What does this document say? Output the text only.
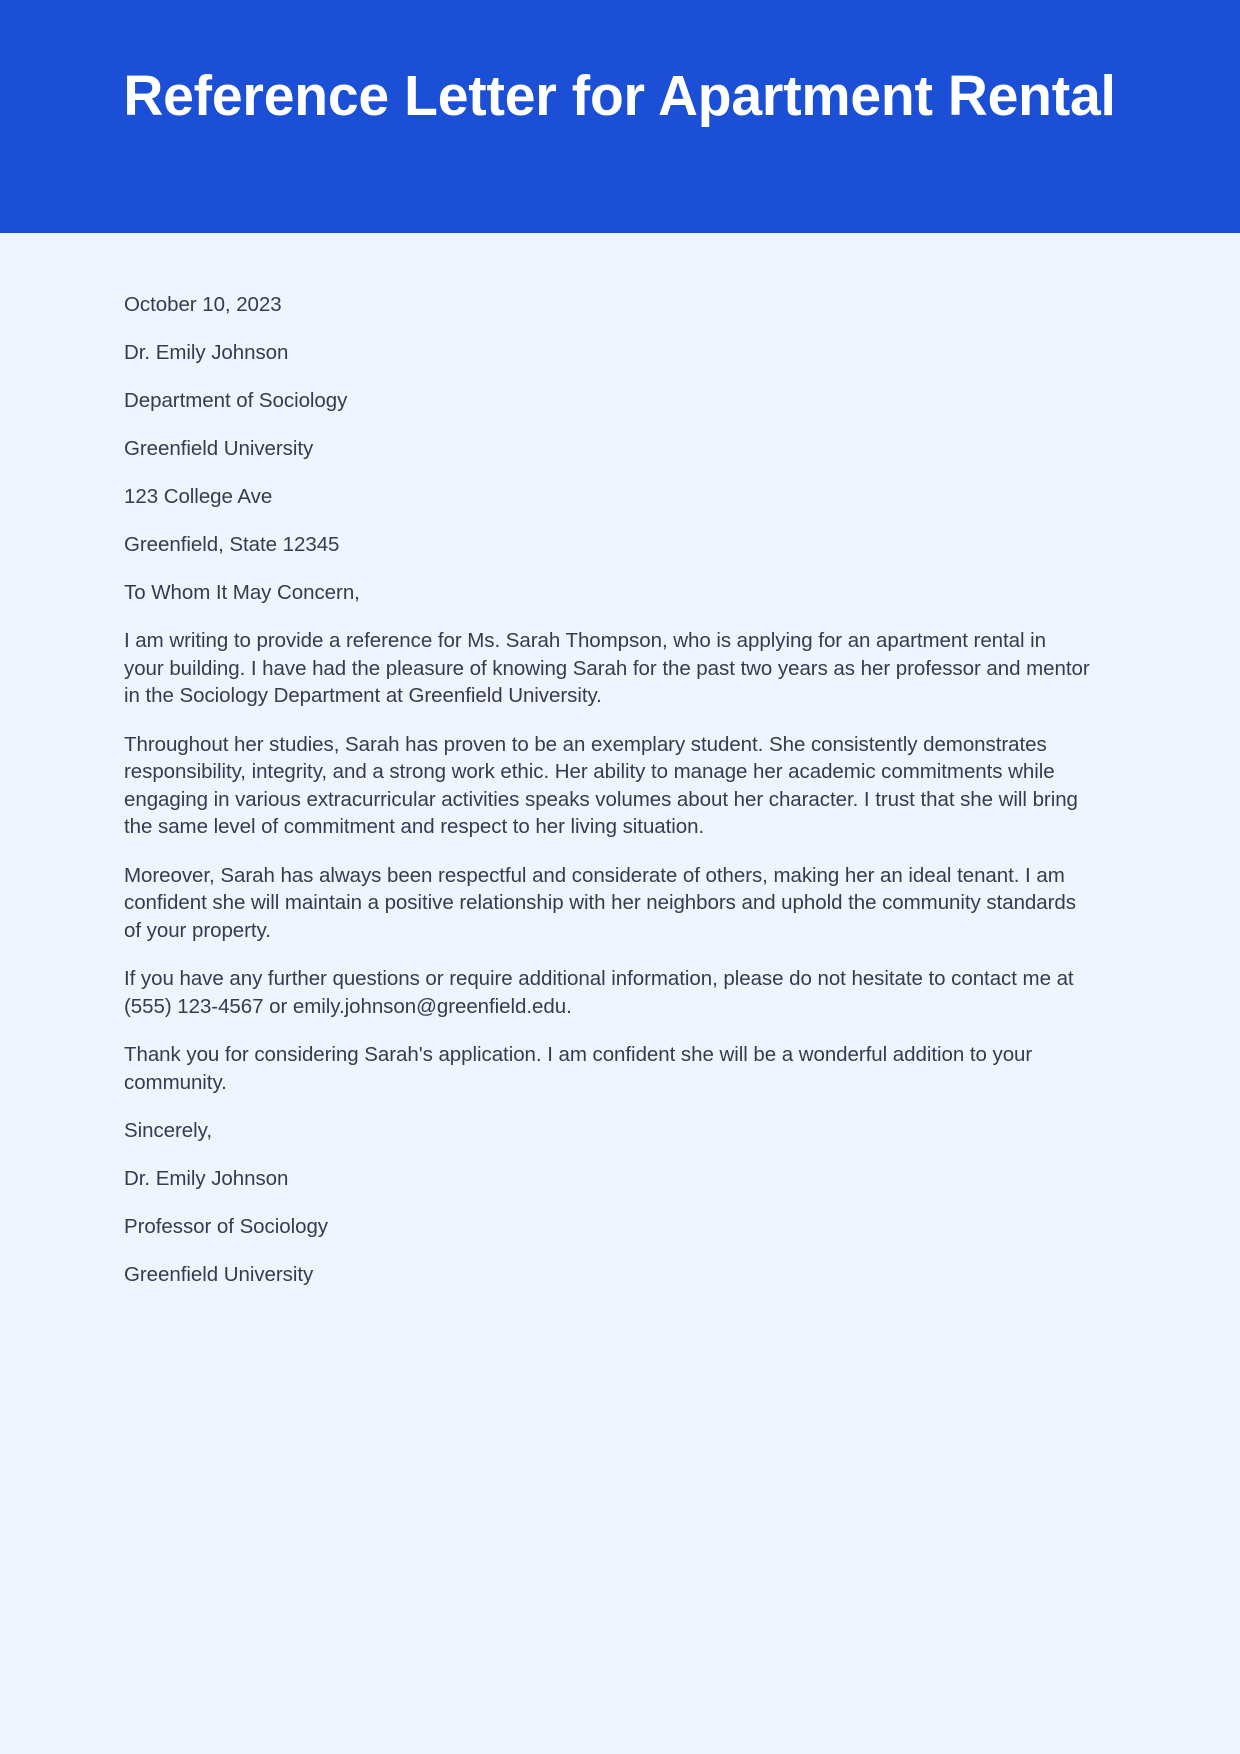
Reference Letter for Apartment Rental

October 10, 2023

Dr. Emily Johnson

Department of Sociology

Greenfield University

123 College Ave

Greenfield, State 12345

To Whom It May Concern,

I am writing to provide a reference for Ms. Sarah Thompson, who is applying for an apartment rental in your building. I have had the pleasure of knowing Sarah for the past two years as her professor and mentor in the Sociology Department at Greenfield University.

Throughout her studies, Sarah has proven to be an exemplary student. She consistently demonstrates responsibility, integrity, and a strong work ethic. Her ability to manage her academic commitments while engaging in various extracurricular activities speaks volumes about her character. I trust that she will bring the same level of commitment and respect to her living situation.

Moreover, Sarah has always been respectful and considerate of others, making her an ideal tenant. I am confident she will maintain a positive relationship with her neighbors and uphold the community standards of your property.

If you have any further questions or require additional information, please do not hesitate to contact me at (555) 123-4567 or emily.johnson@greenfield.edu.

Thank you for considering Sarah's application. I am confident she will be a wonderful addition to your community.

Sincerely,

Dr. Emily Johnson

Professor of Sociology

Greenfield University
